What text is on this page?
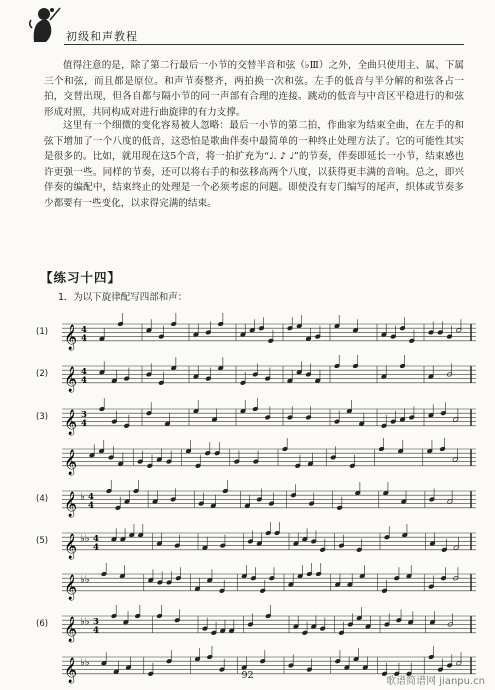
初级和声教程
值得注意的是，除了第二行最后一小节的交替半音和弦（♭Ⅲ）之外，全曲只使用主、属、下属三个和弦，而且都是原位。和声节奏整齐，两拍换一次和弦。左手的低音与半分解的和弦各占一拍，交替出现，但各自都与隔小节的同一声部有合理的连接。跳动的低音与中音区平稳进行的和弦形成对照，共同构成对进行曲旋律的有力支撑。
这里有一个细微的变化容易被人忽略：最后一小节的第二拍，作曲家为结束全曲，在左手的和弦下增加了一个八度的低音，这恐怕是歌曲伴奏中最简单的一种终止处理方法了。它的可能性其实是很多的。比如，就用现在这5个音，将一拍扩充为“♩. ♪ ♩”的节奏，伴奏即延长一小节，结束感也许更强一些。同样的节奏，还可以将右手的和弦移高两个八度，以获得更丰满的音响。总之，即兴伴奏的编配中，结束终止的处理是一个必须考虑的问题。即使没有专门编写的尾声，织体或节奏多少都要有一些变化，以求得完满的结束。
【练习十四】
1．为以下旋律配写四部和声：
(1) 𝄞 4
4
(2) 𝄞 4
4
(3) 𝄞 3
4
𝄞
(4) 𝄞 ♭ 4
4
(5) 𝄞 ♭♭ 4
4
𝄞 ♭♭
(6) 𝄞 ♭♭ 3
4
𝄞 ♭♭
92
歌谱简谱网 jianpu.cn
